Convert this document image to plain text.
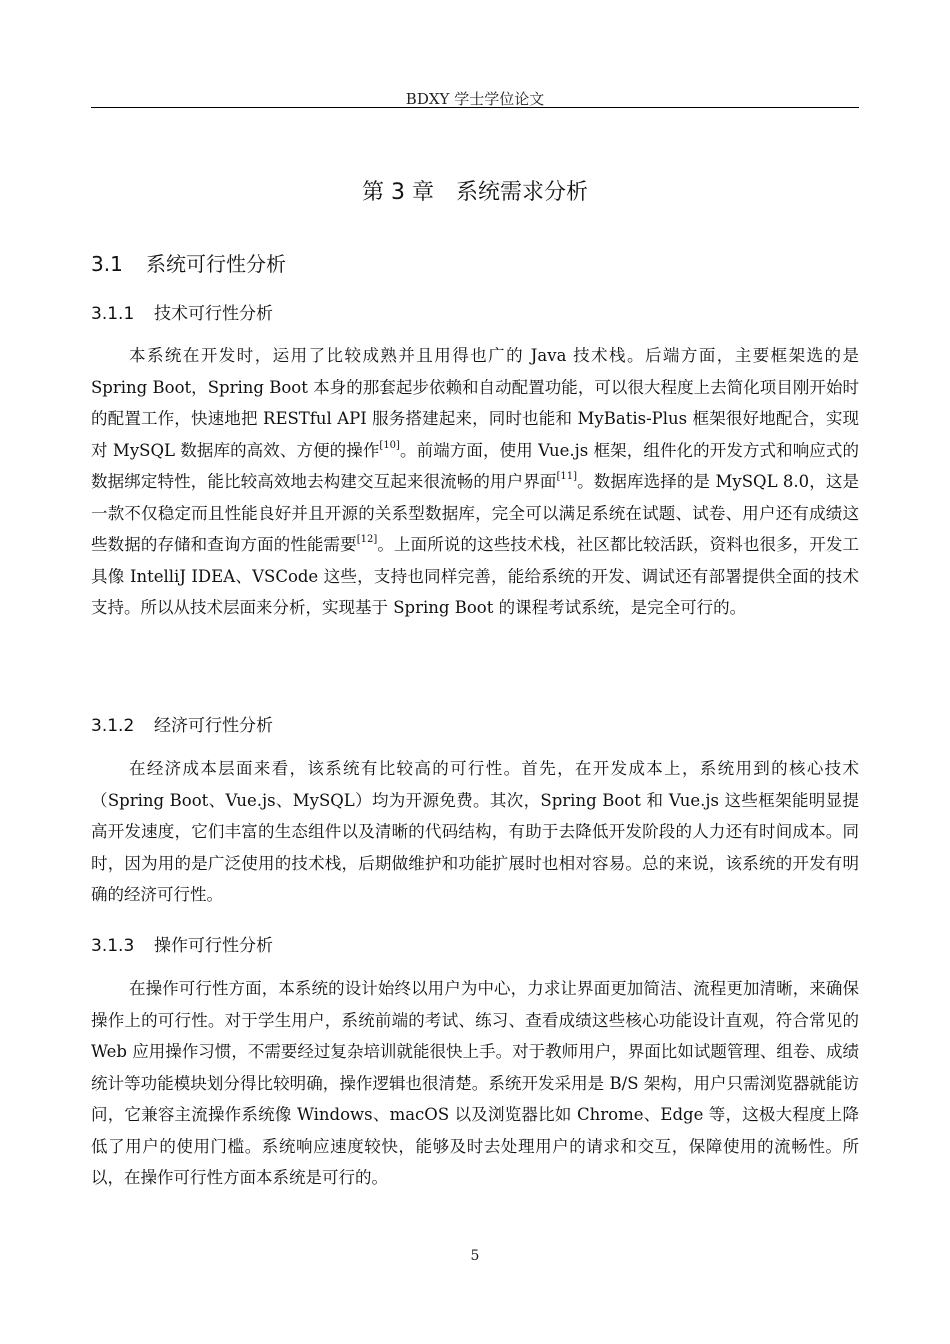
BDXY 学士学位论文
第 3 章 系统需求分析
3.1 系统可行性分析
3.1.1 技术可行性分析

本系统在开发时，运用了比较成熟并且用得也广的 Java 技术栈。后端方面，主要框架选的是 Spring Boot，Spring Boot 本身的那套起步依赖和自动配置功能，可以很大程度上去简化项目刚开始时的配置工作，快速地把 RESTful API 服务搭建起来，同时也能和 MyBatis-Plus 框架很好地配合，实现对 MySQL 数据库的高效、方便的操作[10]。前端方面，使用 Vue.js 框架，组件化的开发方式和响应式的数据绑定特性，能比较高效地去构建交互起来很流畅的用户界面[11]。数据库选择的是 MySQL 8.0，这是一款不仅稳定而且性能良好并且开源的关系型数据库，完全可以满足系统在试题、试卷、用户还有成绩这些数据的存储和查询方面的性能需要[12]。上面所说的这些技术栈，社区都比较活跃，资料也很多，开发工具像 IntelliJ IDEA、VSCode 这些，支持也同样完善，能给系统的开发、调试还有部署提供全面的技术支持。所以从技术层面来分析，实现基于 Spring Boot 的课程考试系统，是完全可行的。

3.1.2 经济可行性分析

在经济成本层面来看，该系统有比较高的可行性。首先，在开发成本上，系统用到的核心技术（Spring Boot、Vue.js、MySQL）均为开源免费。其次，Spring Boot 和 Vue.js 这些框架能明显提高开发速度，它们丰富的生态组件以及清晰的代码结构，有助于去降低开发阶段的人力还有时间成本。同时，因为用的是广泛使用的技术栈，后期做维护和功能扩展时也相对容易。总的来说，该系统的开发有明确的经济可行性。

3.1.3 操作可行性分析

在操作可行性方面，本系统的设计始终以用户为中心，力求让界面更加简洁、流程更加清晰，来确保操作上的可行性。对于学生用户，系统前端的考试、练习、查看成绩这些核心功能设计直观，符合常见的 Web 应用操作习惯，不需要经过复杂培训就能很快上手。对于教师用户，界面比如试题管理、组卷、成绩统计等功能模块划分得比较明确，操作逻辑也很清楚。系统开发采用是 B/S 架构，用户只需浏览器就能访问，它兼容主流操作系统像 Windows、macOS 以及浏览器比如 Chrome、Edge 等，这极大程度上降低了用户的使用门槛。系统响应速度较快，能够及时去处理用户的请求和交互，保障使用的流畅性。所以，在操作可行性方面本系统是可行的。

5
